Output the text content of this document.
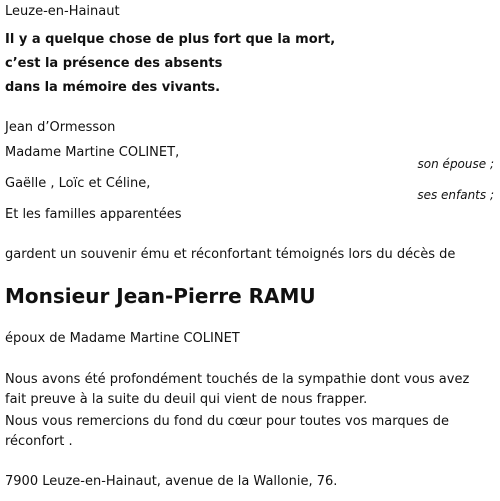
Leuze-en-Hainaut
Il y a quelque chose de plus fort que la mort,
c’est la présence des absents
dans la mémoire des vivants.
Jean d’Ormesson
Madame Martine COLINET,
son épouse ;
Gaëlle , Loïc et Céline,
ses enfants ;
Et les familles apparentées
gardent un souvenir ému et réconfortant témoignés lors du décès de
Monsieur Jean-Pierre RAMU
époux de Madame Martine COLINET
Nous avons été profondément touchés de la sympathie dont vous avez fait preuve à la suite du deuil qui vient de nous frapper.
Nous vous remercions du fond du cœur pour toutes vos marques de réconfort .
7900 Leuze-en-Hainaut, avenue de la Wallonie, 76.
